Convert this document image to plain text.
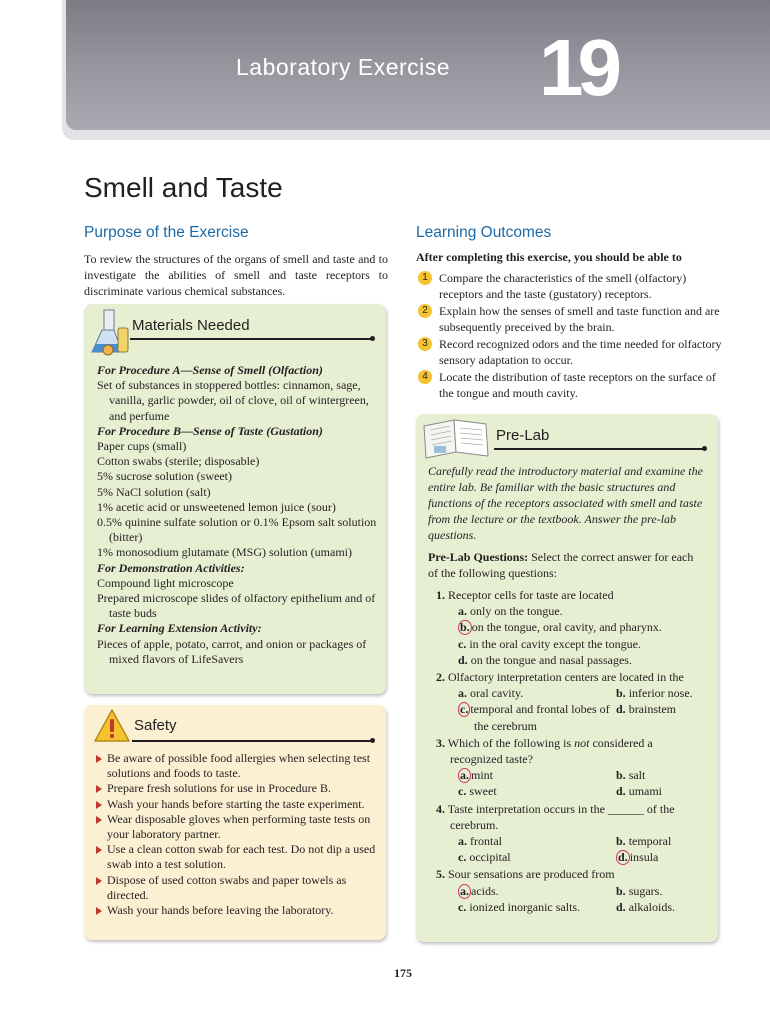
Laboratory Exercise 19
Smell and Taste
Purpose of the Exercise
To review the structures of the organs of smell and taste and to investigate the abilities of smell and taste receptors to discriminate various chemical substances.
Materials Needed
For Procedure A—Sense of Smell (Olfaction)
Set of substances in stoppered bottles: cinnamon, sage, vanilla, garlic powder, oil of clove, oil of wintergreen, and perfume
For Procedure B—Sense of Taste (Gustation)
Paper cups (small)
Cotton swabs (sterile; disposable)
5% sucrose solution (sweet)
5% NaCl solution (salt)
1% acetic acid or unsweetened lemon juice (sour)
0.5% quinine sulfate solution or 0.1% Epsom salt solution (bitter)
1% monosodium glutamate (MSG) solution (umami)
For Demonstration Activities:
Compound light microscope
Prepared microscope slides of olfactory epithelium and of taste buds
For Learning Extension Activity:
Pieces of apple, potato, carrot, and onion or packages of mixed flavors of LifeSavers
Safety
Be aware of possible food allergies when selecting test solutions and foods to taste.
Prepare fresh solutions for use in Procedure B.
Wash your hands before starting the taste experiment.
Wear disposable gloves when performing taste tests on your laboratory partner.
Use a clean cotton swab for each test. Do not dip a used swab into a test solution.
Dispose of used cotton swabs and paper towels as directed.
Wash your hands before leaving the laboratory.
Learning Outcomes
After completing this exercise, you should be able to
1 Compare the characteristics of the smell (olfactory) receptors and the taste (gustatory) receptors.
2 Explain how the senses of smell and taste function and are subsequently preceived by the brain.
3 Record recognized odors and the time needed for olfactory sensory adaptation to occur.
4 Locate the distribution of taste receptors on the surface of the tongue and mouth cavity.
Pre-Lab
Carefully read the introductory material and examine the entire lab. Be familiar with the basic structures and functions of the receptors associated with smell and taste from the lecture or the textbook. Answer the pre-lab questions.
Pre-Lab Questions: Select the correct answer for each of the following questions:
1. Receptor cells for taste are located
a. only on the tongue.
b. on the tongue, oral cavity, and pharynx.
c. in the oral cavity except the tongue.
d. on the tongue and nasal passages.
2. Olfactory interpretation centers are located in the
a. oral cavity.	b. inferior nose.
c. temporal and frontal lobes of the cerebrum
d. brainstem
3. Which of the following is not considered a recognized taste?
a. mint	b. salt
c. sweet	d. umami
4. Taste interpretation occurs in the ______ of the cerebrum.
a. frontal	b. temporal
c. occipital	d. insula
5. Sour sensations are produced from
a. acids.	b. sugars.
c. ionized inorganic salts.	d. alkaloids.
175
